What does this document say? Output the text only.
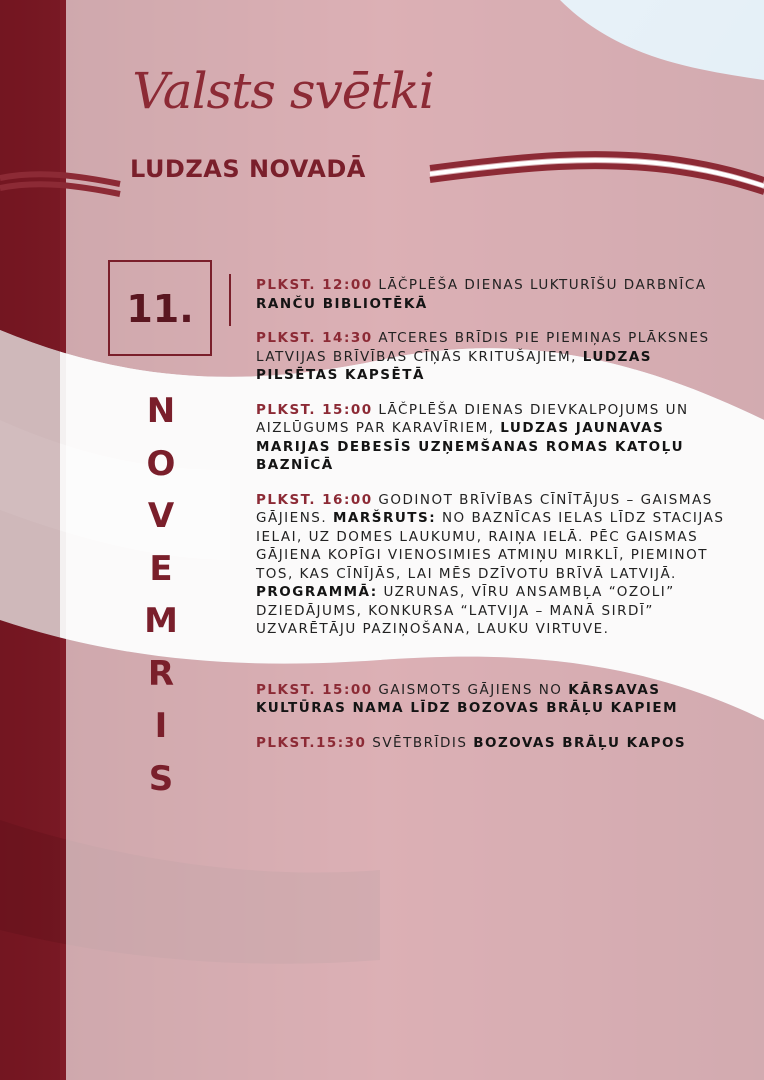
Valsts svētki
LUDZAS NOVADĀ
11.
N
O
V
E
M
R
I
S
PLKST. 12:00 LĀČPLĒŠA DIENAS LUKTURĪŠU DARBNĪCA RANČU BIBLIOTĒKĀ
PLKST. 14:30 ATCERES BRĪDIS PIE PIEMIŅAS PLĀKSNES LATVIJAS BRĪVĪBAS CĪŅĀS KRITUŠAJIEM, LUDZAS PILSĒTAS KAPSĒTĀ
PLKST. 15:00 LĀČPLĒŠA DIENAS DIEVKALPOJUMS UN AIZLŪGUMS PAR KARAVĪRIEM, LUDZAS JAUNAVAS MARIJAS DEBESĪS UZŅEMŠANAS ROMAS KATOĻU BAZNĪCĀ
PLKST. 16:00 GODINOT BRĪVĪBAS CĪNĪTĀJUS – GAISMAS GĀJIENS. MARŠRUTS: NO BAZNĪCAS IELAS LĪDZ STACIJAS IELAI, UZ DOMES LAUKUMU, RAIŅA IELĀ. PĒC GAISMAS GĀJIENA KOPĪGI VIENOSIMIES ATMIŅU MIRKLĪ, PIEMINOT TOS, KAS CĪNĪJĀS, LAI MĒS DZĪVOTU BRĪVĀ LATVIJĀ. PROGRAMMĀ: UZRUNAS, VĪRU ANSAMBĻA “OZOLI” DZIEDĀJUMS, KONKURSA “LATVIJA – MANĀ SIRDĪ” UZVARĒTĀJU PAZIŅOŠANA, LAUKU VIRTUVE.
PLKST. 15:00 GAISMOTS GĀJIENS NO KĀRSAVAS KULTŪRAS NAMA LĪDZ BOZOVAS BRĀĻU KAPIEM
PLKST.15:30 SVĒTBRĪDIS BOZOVAS BRĀĻU KAPOS
